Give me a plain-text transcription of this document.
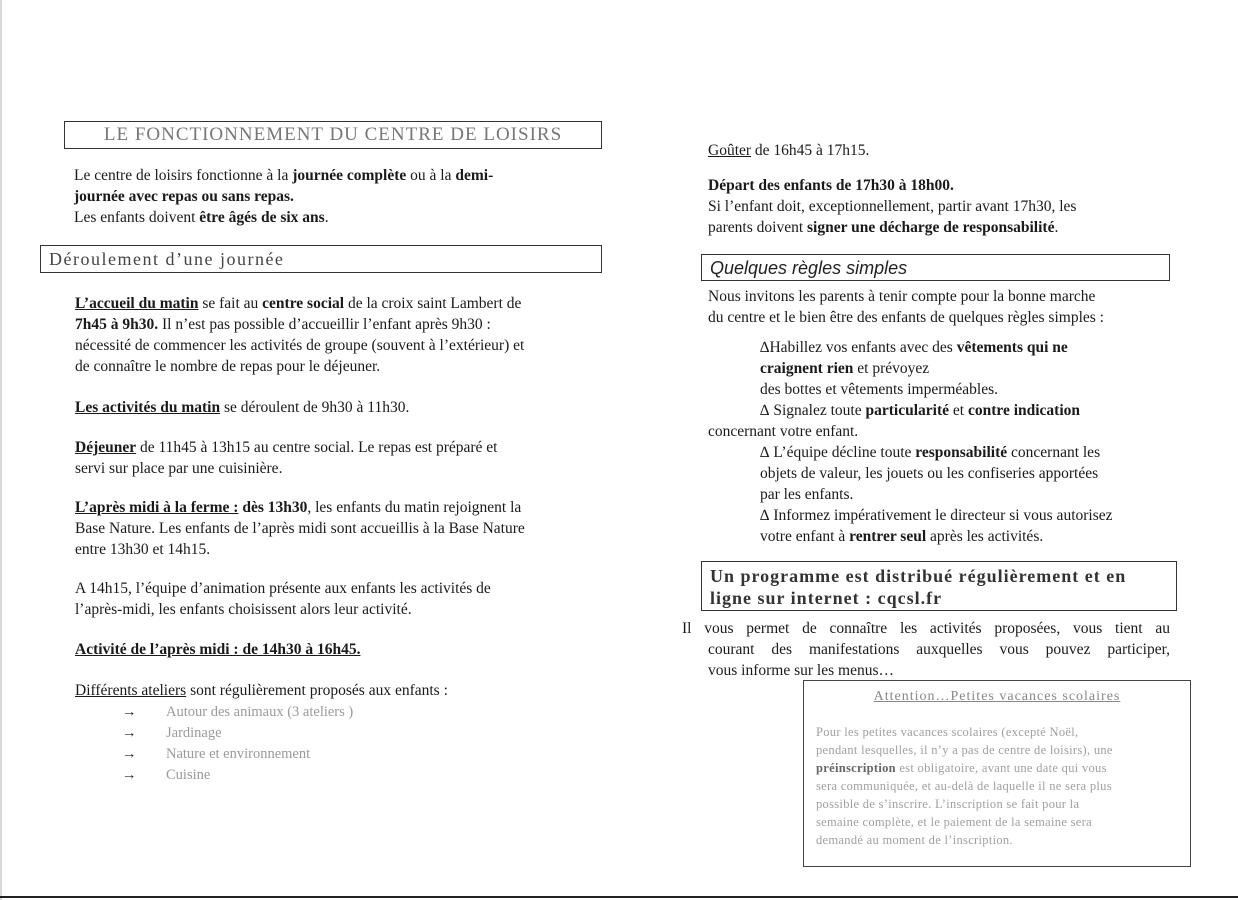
LE FONCTIONNEMENT DU CENTRE DE LOISIRS
Le centre de loisirs fonctionne à la journée complète ou à la demi-
journée avec repas ou sans repas.
Les enfants doivent être âgés de six ans.
Déroulement d’une journée
L’accueil du matin se fait au centre social de la croix saint Lambert de
7h45 à 9h30. Il n’est pas possible d’accueillir l’enfant après 9h30 :
nécessité de commencer les activités de groupe (souvent à l’extérieur) et
de connaître le nombre de repas pour le déjeuner.
Les activités du matin se déroulent de 9h30 à 11h30.
Déjeuner de 11h45 à 13h15 au centre social. Le repas est préparé et
servi sur place par une cuisinière.
L’après midi à la ferme : dès 13h30, les enfants du matin rejoignent la
Base Nature. Les enfants de l’après midi sont accueillis à la Base Nature
entre 13h30 et 14h15.
A 14h15, l’équipe d’animation présente aux enfants les activités de
l’après-midi, les enfants choisissent alors leur activité.
Activité de l’après midi : de 14h30 à 16h45.
Différents ateliers sont régulièrement proposés aux enfants :
→ Autour des animaux (3 ateliers )
→ Jardinage
→ Nature et environnement
→ Cuisine
Goûter de 16h45 à 17h15.
Départ des enfants de 17h30 à 18h00.
Si l’enfant doit, exceptionnellement, partir avant 17h30, les
parents doivent signer une décharge de responsabilité.
Quelques règles simples
Nous invitons les parents à tenir compte pour la bonne marche
du centre et le bien être des enfants de quelques règles simples :
∆Habillez vos enfants avec des vêtements qui ne
craignent rien et prévoyez
des bottes et vêtements imperméables.
∆ Signalez toute particularité et contre indication
concernant votre enfant.
∆ L’équipe décline toute responsabilité concernant les
objets de valeur, les jouets ou les confiseries apportées
par les enfants.
∆ Informez impérativement le directeur si vous autorisez
votre enfant à rentrer seul après les activités.
Un programme est distribué régulièrement et en
ligne sur internet : cqcsl.fr
Il vous permet de connaître les activités proposées, vous tient au
courant des manifestations auxquelles vous pouvez participer,
vous informe sur les menus…
Attention…Petites vacances scolaires
Pour les petites vacances scolaires (excepté Noël,
pendant lesquelles, il n’y a pas de centre de loisirs), une
préinscription est obligatoire, avant une date qui vous
sera communiquée, et au-delà de laquelle il ne sera plus
possible de s’inscrire. L’inscription se fait pour la
semaine complète, et le paiement de la semaine sera
demandé au moment de l’inscription.
